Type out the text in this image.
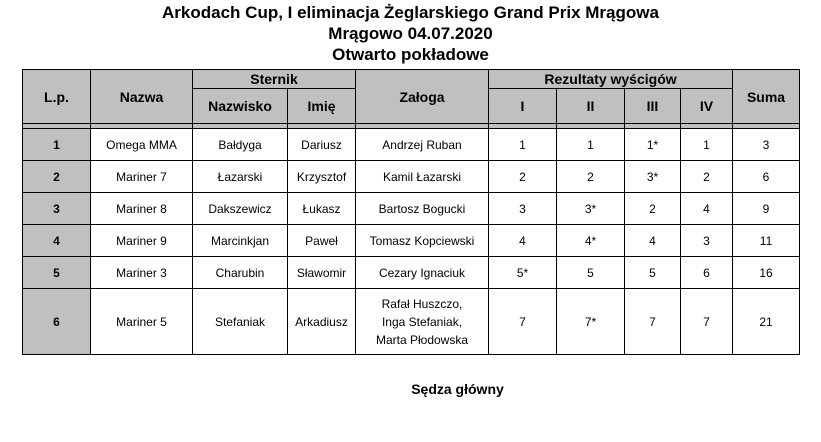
Arkodach Cup, I eliminacja Żeglarskiego Grand Prix Mrągowa
Mrągowo 04.07.2020
Otwarto pokładowe
L.p.	Nazwa	Sternik		Załoga	Rezultaty wyścigów				Suma
		Nazwisko	Imię		I	II	III	IV	

1	Omega MMA	Bałdyga	Dariusz	Andrzej Ruban	1	1	1*	1	3
2	Mariner 7	Łazarski	Krzysztof	Kamil Łazarski	2	2	3*	2	6
3	Mariner 8	Dakszewicz	Łukasz	Bartosz Bogucki	3	3*	2	4	9
4	Mariner 9	Marcinkjan	Paweł	Tomasz Kopciewski	4	4*	4	3	11
5	Mariner 3	Charubin	Sławomir	Cezary Ignaciuk	5*	5	5	6	16
6	Mariner 5	Stefaniak	Arkadiusz	Rafał Huszczo,
Inga Stefaniak,
Marta Płodowska	7	7*	7	7	21
Sędza główny
